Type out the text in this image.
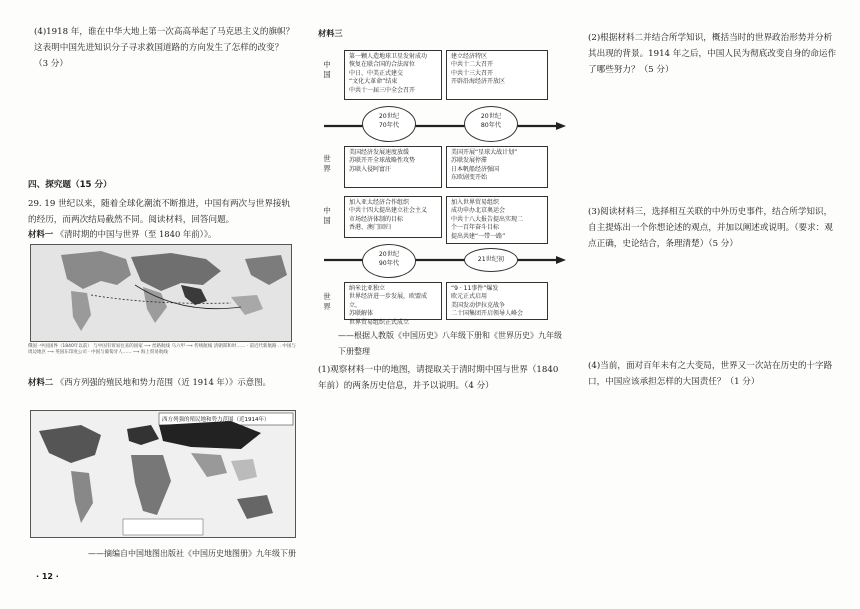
(4)1918 年，谁在中华大地上第一次高高举起了马克思主义的旗帜？这表明中国先进知识分子寻求救国道路的方向发生了怎样的改变？（3 分）

四、探究题（15 分）

29. 19 世纪以来，随着全球化潮流不断推进，中国有两次与世界接轨的经历，而两次结局截然不同。阅读材料，回答问题。

材料一 《清时期的中国与世界（至 1840 年前）》。
俄国 ·中国国界（1840年以前） 与中国有贸易往来的国家 ⟶ 丝路航线 马六甲 ⟶ 传统航线 清朝郑和时…… · 前近代新航路 ‥ 中国与周边地区 ⟶ 英国东印度公司 · 中国与葡萄牙人…… ⟶ 海上贸易航线
材料二 《西方列强的殖民地和势力范围（近 1914 年）》示意图。
西方列强的殖民地和势力范围（近1914年）
——摘编自中国地图出版社《中国历史地图册》九年级下册
· 12 ·
材料三
中国
第一颗人造地球卫星发射成功
恢复在联合国的合法席位
中日、中美正式建交
“文化大革命”结束
中共十一届三中全会召开
建立经济特区
中共十二大召开
中共十三大召开
开辟沿海经济开放区
20世纪
70年代
20世纪
80年代
世界
美国经济发展速度放缓
苏联开开全球战略性攻势
苏联入侵阿富汗
美国开展“星球大战计划”
苏联发展停滞
日本帆船经济强国
东欧剧变开始
中国
加入亚太经济合作组织
中共十四大提出建立社会主义
市场经济体制的目标
香港、澳门回归
加入世界贸易组织
成功申办北京奥运会
中共十八大报告提出实现二
个一百年奋斗目标
提出共建“一带一路”
20世纪
90年代
21世纪初
世界
纳米比亚独立
世界经济进一步发展，欧盟成立，
苏联解体
世界贸易组织正式成立
“9 · 11事件”爆发
欧元正式启用
美国发动伊拉克战争
二十国集团开启领导人峰会

——根据人教版《中国历史》八年级下册和《世界历史》九年级下册整理

(1)观察材料一中的地图，请提取关于清时期中国与世界（1840 年前）的两条历史信息，并予以说明。（4 分）

(2)根据材料二并结合所学知识，概括当时的世界政治形势并分析其出现的背景。1914 年之后，中国人民为彻底改变自身的命运作了哪些努力？（5 分）

(3)阅读材料三，选择相互关联的中外历史事件，结合所学知识，自主提炼出一个你想论述的观点，并加以阐述或说明。（要求：观点正确，史论结合，条理清楚）（5 分）

(4)当前，面对百年未有之大变局，世界又一次站在历史的十字路口，中国应该承担怎样的大国责任？（1 分）
